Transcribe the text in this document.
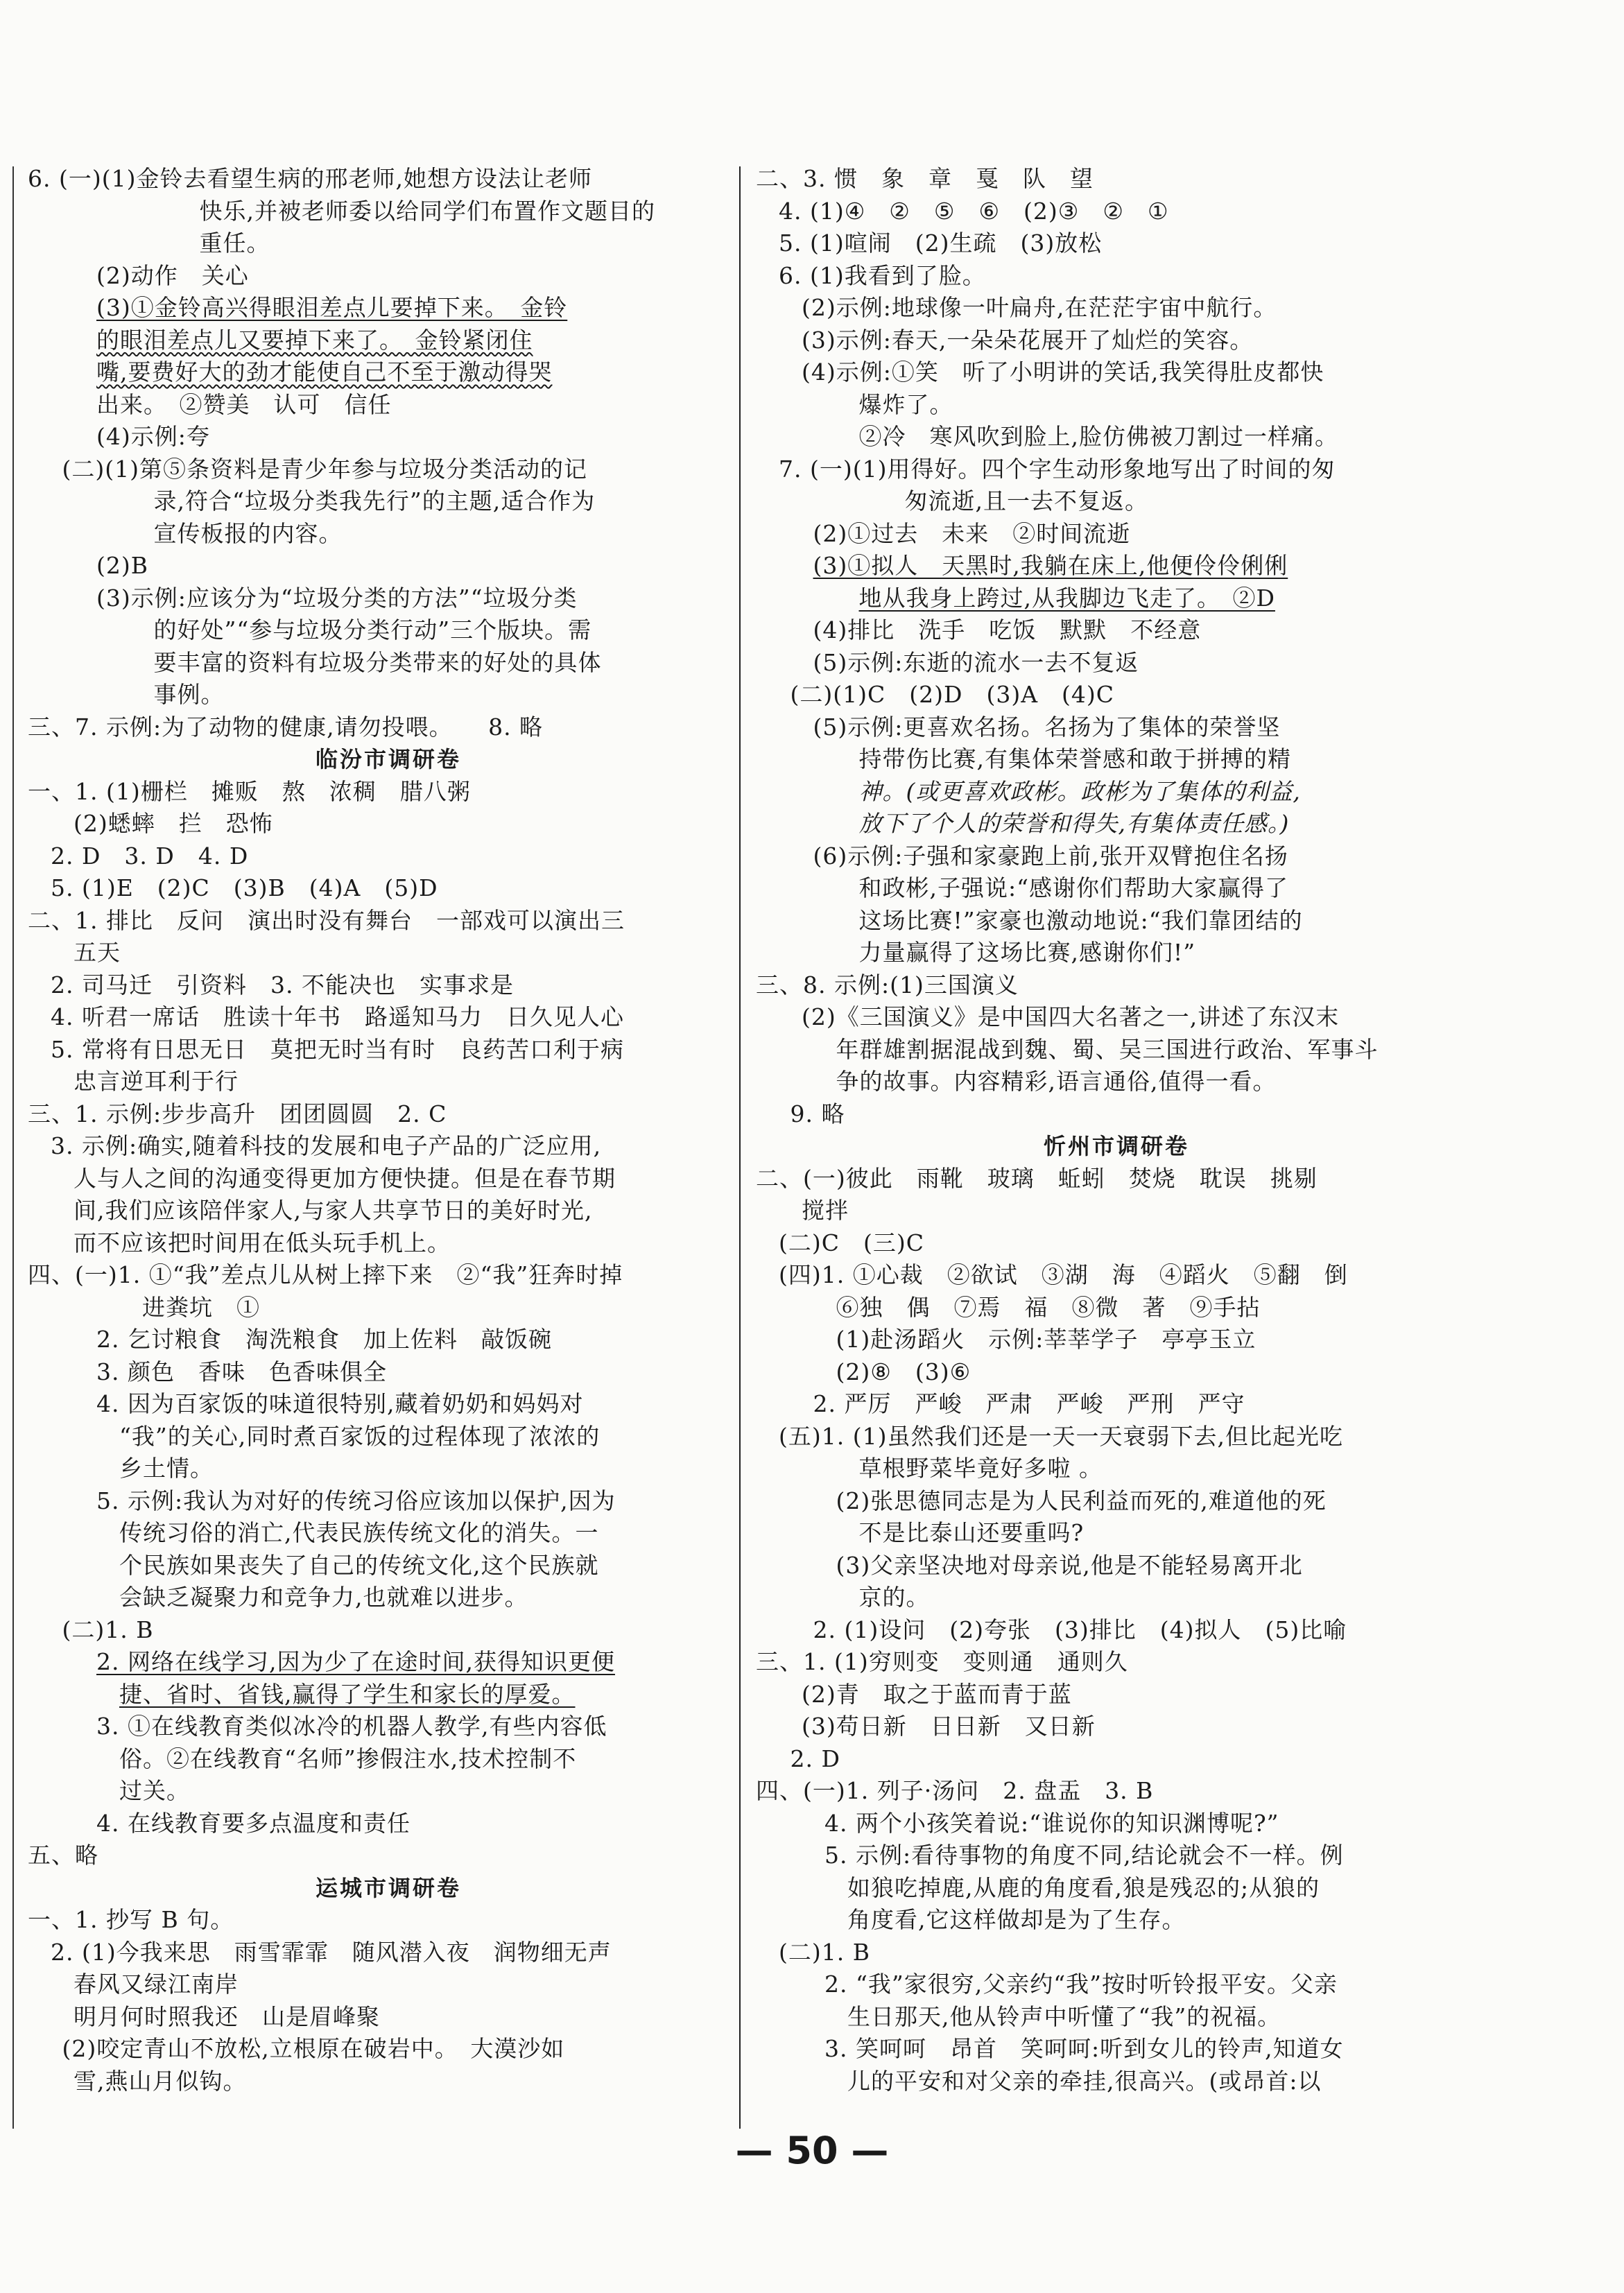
6. (一)(1)金铃去看望生病的邢老师,她想方设法让老师
快乐,并被老师委以给同学们布置作文题目的
重任。
(2)动作　关心
(3)①金铃高兴得眼泪差点儿要掉下来。　金铃
的眼泪差点儿又要掉下来了。　金铃紧闭住
嘴,要费好大的劲才能使自己不至于激动得哭
出来。　②赞美　认可　信任
(4)示例:夸
(二)(1)第⑤条资料是青少年参与垃圾分类活动的记
录,符合“垃圾分类我先行”的主题,适合作为
宣传板报的内容。
(2)B
(3)示例:应该分为“垃圾分类的方法”“垃圾分类
的好处”“参与垃圾分类行动”三个版块。需
要丰富的资料有垃圾分类带来的好处的具体
事例。
三、7. 示例:为了动物的健康,请勿投喂。　　8. 略
临汾市调研卷
一、1. (1)栅栏　摊贩　熬　浓稠　腊八粥
(2)蟋蟀　拦　恐怖
2. D　3. D　4. D
5. (1)E　(2)C　(3)B　(4)A　(5)D
二、1. 排比　反问　演出时没有舞台　一部戏可以演出三
五天
2. 司马迁　引资料　3. 不能决也　实事求是
4. 听君一席话　胜读十年书　路遥知马力　日久见人心
5. 常将有日思无日　莫把无时当有时　良药苦口利于病
忠言逆耳利于行
三、1. 示例:步步高升　团团圆圆　2. C
3. 示例:确实,随着科技的发展和电子产品的广泛应用,
人与人之间的沟通变得更加方便快捷。但是在春节期
间,我们应该陪伴家人,与家人共享节日的美好时光,
而不应该把时间用在低头玩手机上。
四、(一)1. ①“我”差点儿从树上摔下来　②“我”狂奔时掉
进粪坑　①
2. 乞讨粮食　淘洗粮食　加上佐料　敲饭碗
3. 颜色　香味　色香味俱全
4. 因为百家饭的味道很特别,藏着奶奶和妈妈对
“我”的关心,同时煮百家饭的过程体现了浓浓的
乡土情。
5. 示例:我认为对好的传统习俗应该加以保护,因为
传统习俗的消亡,代表民族传统文化的消失。一
个民族如果丧失了自己的传统文化,这个民族就
会缺乏凝聚力和竞争力,也就难以进步。
(二)1. B
2. 网络在线学习,因为少了在途时间,获得知识更便
捷、省时、省钱,赢得了学生和家长的厚爱。
3. ①在线教育类似冰冷的机器人教学,有些内容低
俗。②在线教育“名师”掺假注水,技术控制不
过关。
4. 在线教育要多点温度和责任
五、略
运城市调研卷
一、1. 抄写 B 句。
2. (1)今我来思　雨雪霏霏　随风潜入夜　润物细无声
春风又绿江南岸
明月何时照我还　山是眉峰聚
(2)咬定青山不放松,立根原在破岩中。　大漠沙如
雪,燕山月似钩。
二、3. 惯　象　章　戛　队　望
4. (1)④　②　⑤　⑥　(2)③　②　①
5. (1)喧闹　(2)生疏　(3)放松
6. (1)我看到了脸。
(2)示例:地球像一叶扁舟,在茫茫宇宙中航行。
(3)示例:春天,一朵朵花展开了灿烂的笑容。
(4)示例:①笑　听了小明讲的笑话,我笑得肚皮都快
爆炸了。
②冷　寒风吹到脸上,脸仿佛被刀割过一样痛。
7. (一)(1)用得好。四个字生动形象地写出了时间的匆
匆流逝,且一去不复返。
(2)①过去　未来　②时间流逝
(3)①拟人　天黑时,我躺在床上,他便伶伶俐俐
地从我身上跨过,从我脚边飞走了。　②D
(4)排比　洗手　吃饭　默默　不经意
(5)示例:东逝的流水一去不复返
(二)(1)C　(2)D　(3)A　(4)C
(5)示例:更喜欢名扬。名扬为了集体的荣誉坚
持带伤比赛,有集体荣誉感和敢于拼搏的精
神。(或更喜欢政彬。政彬为了集体的利益,
放下了个人的荣誉和得失,有集体责任感。)
(6)示例:子强和家豪跑上前,张开双臂抱住名扬
和政彬,子强说:“感谢你们帮助大家赢得了
这场比赛!”家豪也激动地说:“我们靠团结的
力量赢得了这场比赛,感谢你们!”
三、8. 示例:(1)三国演义
(2)《三国演义》是中国四大名著之一,讲述了东汉末
年群雄割据混战到魏、蜀、吴三国进行政治、军事斗
争的故事。内容精彩,语言通俗,值得一看。
9. 略
忻州市调研卷
二、(一)彼此　雨靴　玻璃　蚯蚓　焚烧　耽误　挑剔
搅拌
(二)C　(三)C
(四)1. ①心裁　②欲试　③湖　海　④蹈火　⑤翻　倒
⑥独　偶　⑦焉　福　⑧微　著　⑨手拈
(1)赴汤蹈火　示例:莘莘学子　亭亭玉立
(2)⑧　(3)⑥
2. 严厉　严峻　严肃　严峻　严刑　严守
(五)1. (1)虽然我们还是一天一天衰弱下去,但比起光吃
草根野菜毕竟好多啦 。
(2)张思德同志是为人民利益而死的,难道他的死
不是比泰山还要重吗?
(3)父亲坚决地对母亲说,他是不能轻易离开北
京的。
2. (1)设问　(2)夸张　(3)排比　(4)拟人　(5)比喻
三、1. (1)穷则变　变则通　通则久
(2)青　取之于蓝而青于蓝
(3)苟日新　日日新　又日新
2. D
四、(一)1. 列子·汤问　2. 盘盂　3. B
4. 两个小孩笑着说:“谁说你的知识渊博呢?”
5. 示例:看待事物的角度不同,结论就会不一样。例
如狼吃掉鹿,从鹿的角度看,狼是残忍的;从狼的
角度看,它这样做却是为了生存。
(二)1. B
2. “我”家很穷,父亲约“我”按时听铃报平安。父亲
生日那天,他从铃声中听懂了“我”的祝福。
3. 笑呵呵　昂首　笑呵呵:听到女儿的铃声,知道女
儿的平安和对父亲的牵挂,很高兴。(或昂首:以
— 50 —
